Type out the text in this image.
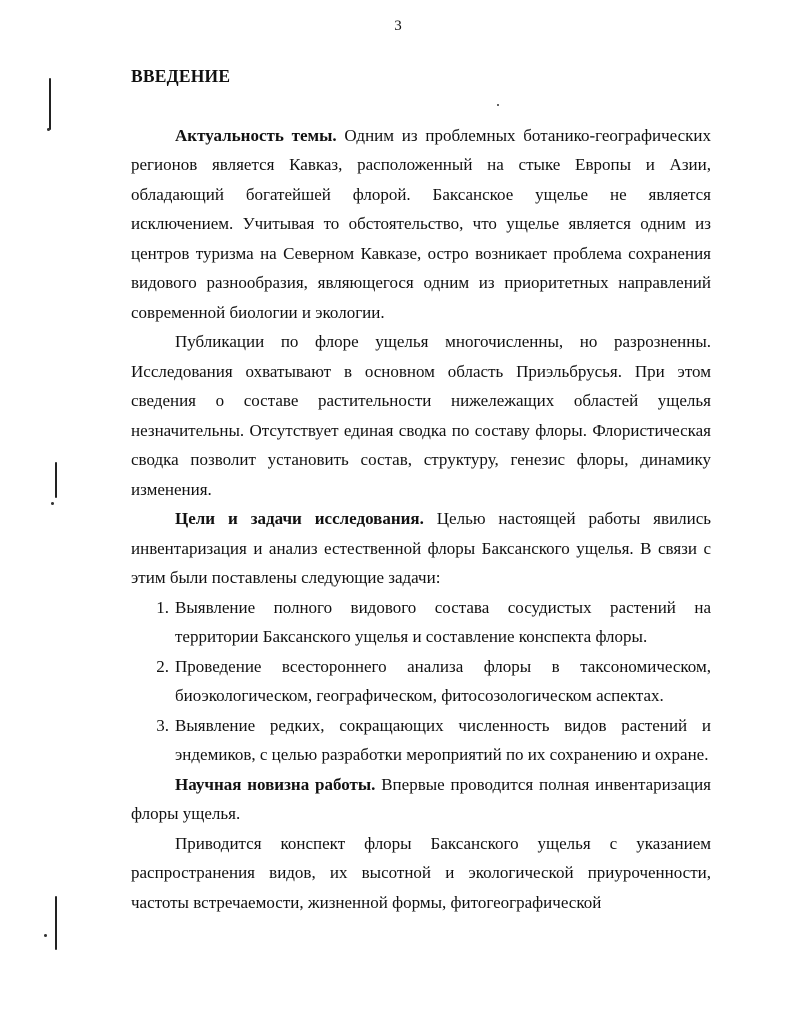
3
ВВЕДЕНИЕ

Актуальность темы. Одним из проблемных ботанико-географических регионов является Кавказ, расположенный на стыке Европы и Азии, обладающий богатейшей флорой. Баксанское ущелье не является исключением. Учитывая то обстоятельство, что ущелье является одним из центров туризма на Северном Кавказе, остро возникает проблема сохранения видового разнообразия, являющегося одним из приоритетных направлений современной биологии и экологии.

Публикации по флоре ущелья многочисленны, но разрозненны. Исследования охватывают в основном область Приэльбрусья. При этом сведения о составе растительности нижележащих областей ущелья незначительны. Отсутствует единая сводка по составу флоры. Флористическая сводка позволит установить состав, структуру, генезис флоры, динамику изменения.

Цели и задачи исследования. Целью настоящей работы явились инвентаризация и анализ естественной флоры Баксанского ущелья. В связи с этим были поставлены следующие задачи:

1. Выявление полного видового состава сосудистых растений на территории Баксанского ущелья и составление конспекта флоры.
2. Проведение всестороннего анализа флоры в таксономическом, биоэкологическом, географическом, фитосозологическом аспектах.
3. Выявление редких, сокращающих численность видов растений и эндемиков, с целью разработки мероприятий по их сохранению и охране.

Научная новизна работы. Впервые проводится полная инвентаризация флоры ущелья.

Приводится конспект флоры Баксанского ущелья с указанием распространения видов, их высотной и экологической приуроченности, частоты встречаемости, жизненной формы, фитогеографической
